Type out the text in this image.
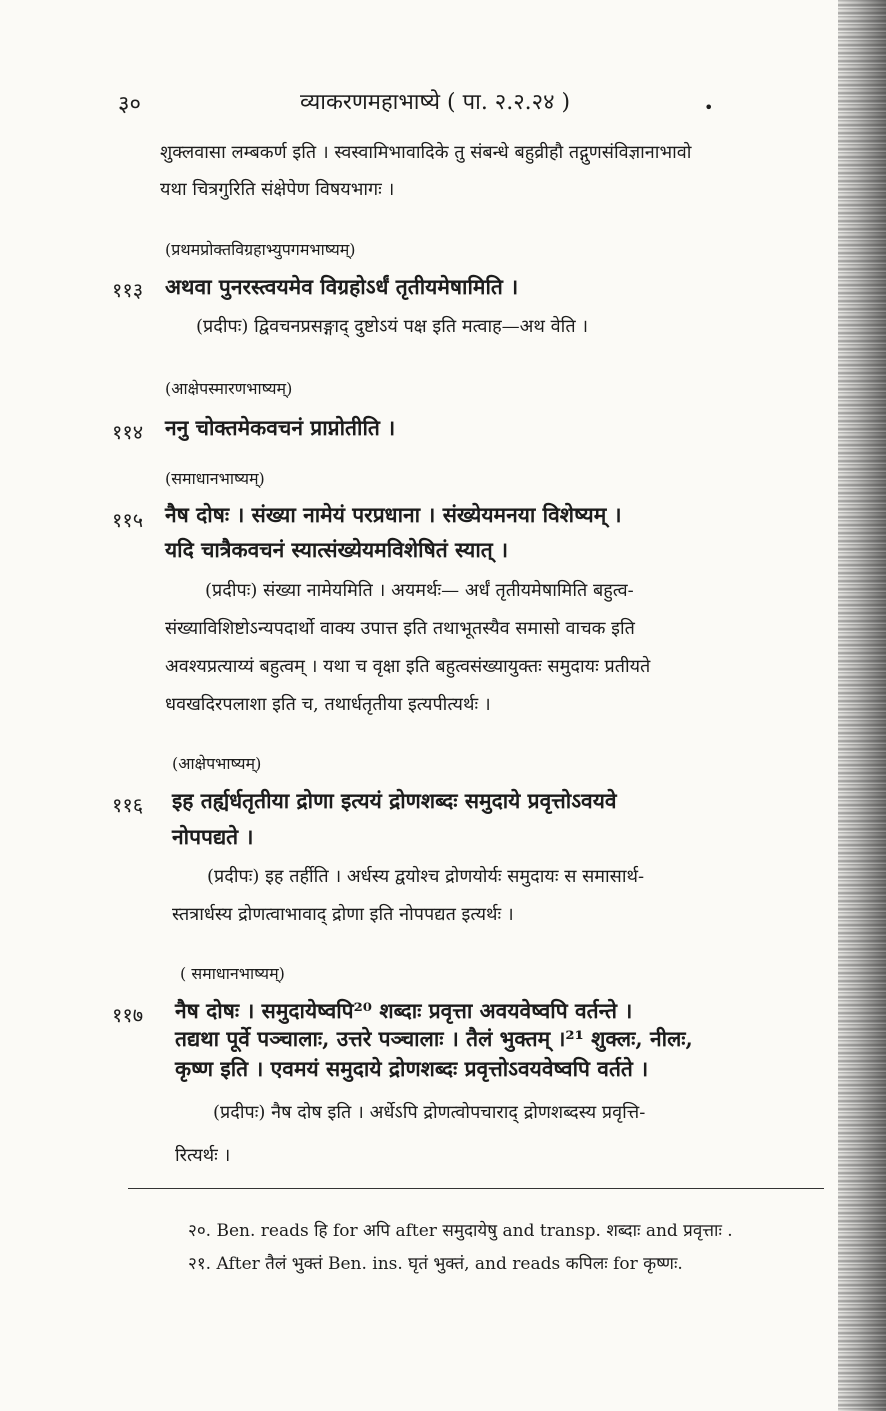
३०	व्याकरणमहाभाष्ये ( पा. २.२.२४ )	•
शुक्लवासा लम्बकर्ण इति । स्वस्वामिभावादिके तु संबन्धे बहुव्रीहौ तद्गुणसंविज्ञानाभावो
यथा चित्रगुरिति संक्षेपेण विषयभागः ।
(प्रथमप्रोक्तविग्रहाभ्युपगमभाष्यम्)
११३ अथवा पुनरस्त्वयमेव विग्रहोऽर्धं तृतीयमेषामिति ।
(प्रदीपः) द्विवचनप्रसङ्गाद् दुष्टोऽयं पक्ष इति मत्वाह—अथ वेति ।
(आक्षेपस्मारणभाष्यम्)
११४ ननु चोक्तमेकवचनं प्राप्नोतीति ।
(समाधानभाष्यम्)
११५ नैष दोषः । संख्या नामेयं परप्रधाना । संख्येयमनया विशेष्यम् ।
यदि चात्रैकवचनं स्यात्संख्येयमविशेषितं स्यात् ।
(प्रदीपः) संख्या नामेयमिति । अयमर्थः— अर्धं तृतीयमेषामिति बहुत्व-
संख्याविशिष्टोऽन्यपदार्थो वाक्य उपात्त इति तथाभूतस्यैव समासो वाचक इति
अवश्यप्रत्याय्यं बहुत्वम् । यथा च वृक्षा इति बहुत्वसंख्यायुक्तः समुदायः प्रतीयते
धवखदिरपलाशा इति च, तथार्धतृतीया इत्यपीत्यर्थः ।
(आक्षेपभाष्यम्)
११६ इह तर्ह्यर्धतृतीया द्रोणा इत्ययं द्रोणशब्दः समुदाये प्रवृत्तोऽवयवे
नोपपद्यते ।
(प्रदीपः) इह तर्हीति । अर्धस्य द्वयोश्च द्रोणयोर्यः समुदायः स समासार्थ-
स्तत्रार्धस्य द्रोणत्वाभावाद् द्रोणा इति नोपपद्यत इत्यर्थः ।
( समाधानभाष्यम्)
११७ नैष दोषः । समुदायेष्वपि²⁰ शब्दाः प्रवृत्ता अवयवेष्वपि वर्तन्ते ।
तद्यथा पूर्वे पञ्चालाः, उत्तरे पञ्चालाः । तैलं भुक्तम् ।²¹ शुक्लः, नीलः,
कृष्ण इति । एवमयं समुदाये द्रोणशब्दः प्रवृत्तोऽवयवेष्वपि वर्तते ।
(प्रदीपः) नैष दोष इति । अर्धेऽपि द्रोणत्वोपचाराद् द्रोणशब्दस्य प्रवृत्ति-
रित्यर्थः ।
२०. Ben. reads हि for अपि after समुदायेषु and transp. शब्दाः and प्रवृत्ताः .
२१. After तैलं भुक्तं Ben. ins. घृतं भुक्तं, and reads कपिलः for कृष्णः.
